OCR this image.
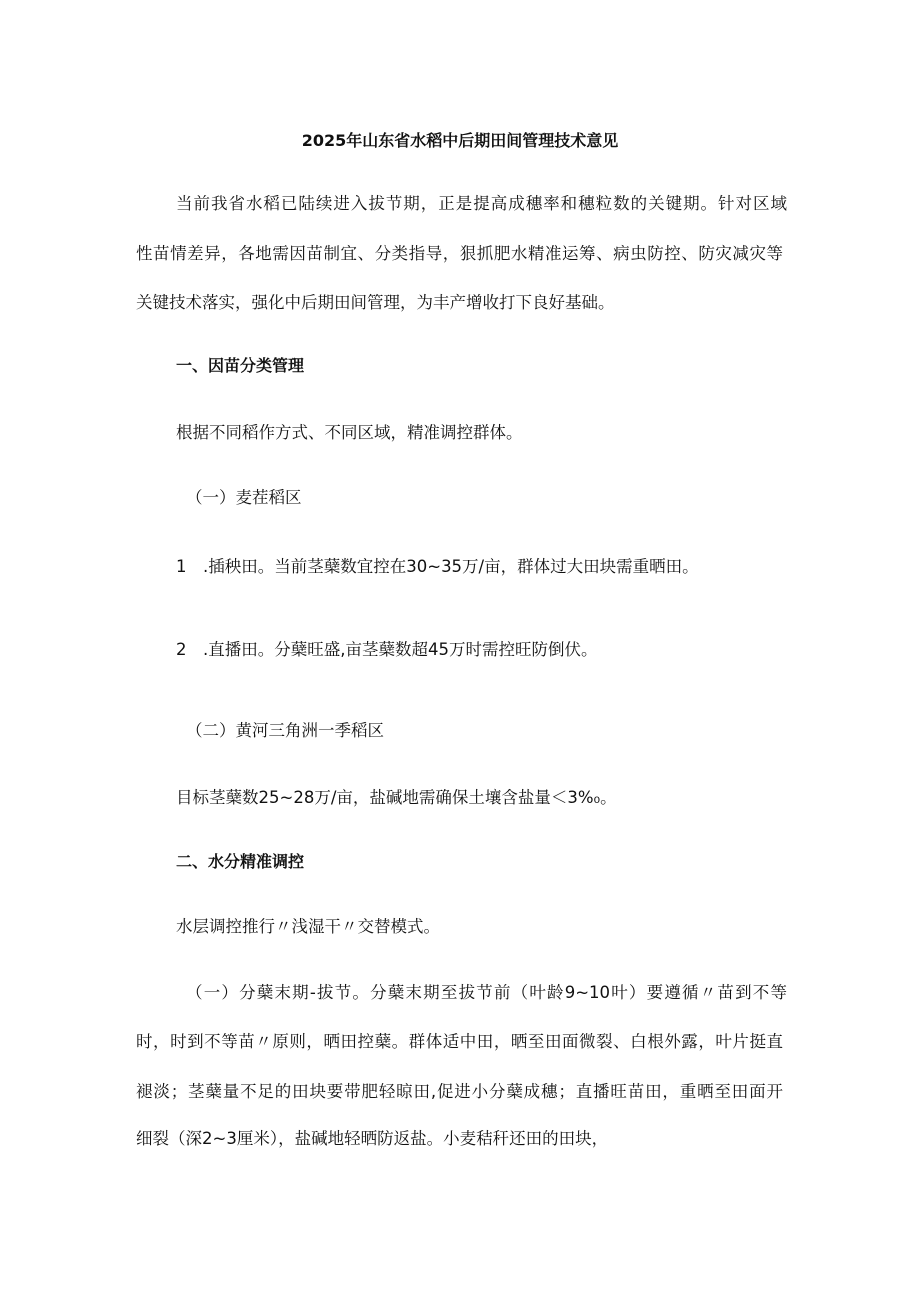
2025年山东省水稻中后期田间管理技术意见

当前我省水稻已陆续进入拔节期，正是提高成穗率和穗粒数的关键期。针对区域

性苗情差异，各地需因苗制宜、分类指导，狠抓肥水精准运筹、病虫防控、防灾减灾等

关键技术落实，强化中后期田间管理，为丰产增收打下良好基础。

一、因苗分类管理

根据不同稻作方式、不同区域，精准调控群体。

（一）麦茬稻区

1　.插秧田。当前茎蘖数宜控在30~35万/亩，群体过大田块需重晒田。

2　.直播田。分蘖旺盛,亩茎蘖数超45万时需控旺防倒伏。

（二）黄河三角洲一季稻区

目标茎蘖数25~28万/亩，盐碱地需确保土壤含盐量＜3%₀。

二、水分精准调控

水层调控推行〃浅湿干〃交替模式。

（一）分蘖末期-拔节。分蘖末期至拔节前（叶龄9~10叶）要遵循〃苗到不等

时，时到不等苗〃原则，晒田控蘖。群体适中田，晒至田面微裂、白根外露，叶片挺直

褪淡；茎蘖量不足的田块要带肥轻晾田,促进小分蘖成穗；直播旺苗田，重晒至田面开

细裂（深2~3厘米），盐碱地轻晒防返盐。小麦秸秆还田的田块，
